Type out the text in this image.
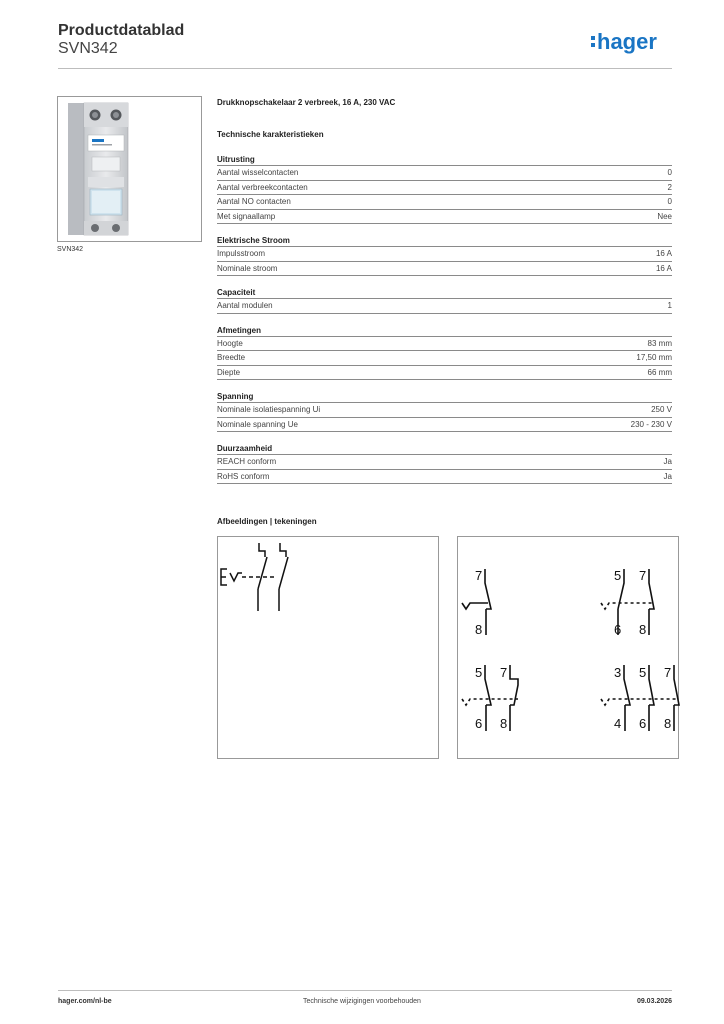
Productdatablad
SVN342	hager
SVN342
Drukknopschakelaar 2 verbreek, 16 A, 230 VAC
Technische karakteristieken
Uitrusting
Aantal wisselcontacten	0
Aantal verbreekcontacten	2
Aantal NO contacten	0
Met signaallamp	Nee
Elektrische Stroom
Impulsstroom	16 A
Nominale stroom	16 A
Capaciteit
Aantal modulen	1
Afmetingen
Hoogte	83 mm
Breedte	17,50 mm
Diepte	66 mm
Spanning
Nominale isolatiespanning Ui	250 V
Nominale spanning Ue	230 - 230 V
Duurzaamheid
REACH conform	Ja
RoHS conform	Ja
Afbeeldingen | tekeningen
7
8
5 7
6 8
5 7
6 8
3 5 7
4 6 8
hager.com/nl-be	Technische wijzigingen voorbehouden	09.03.2026
